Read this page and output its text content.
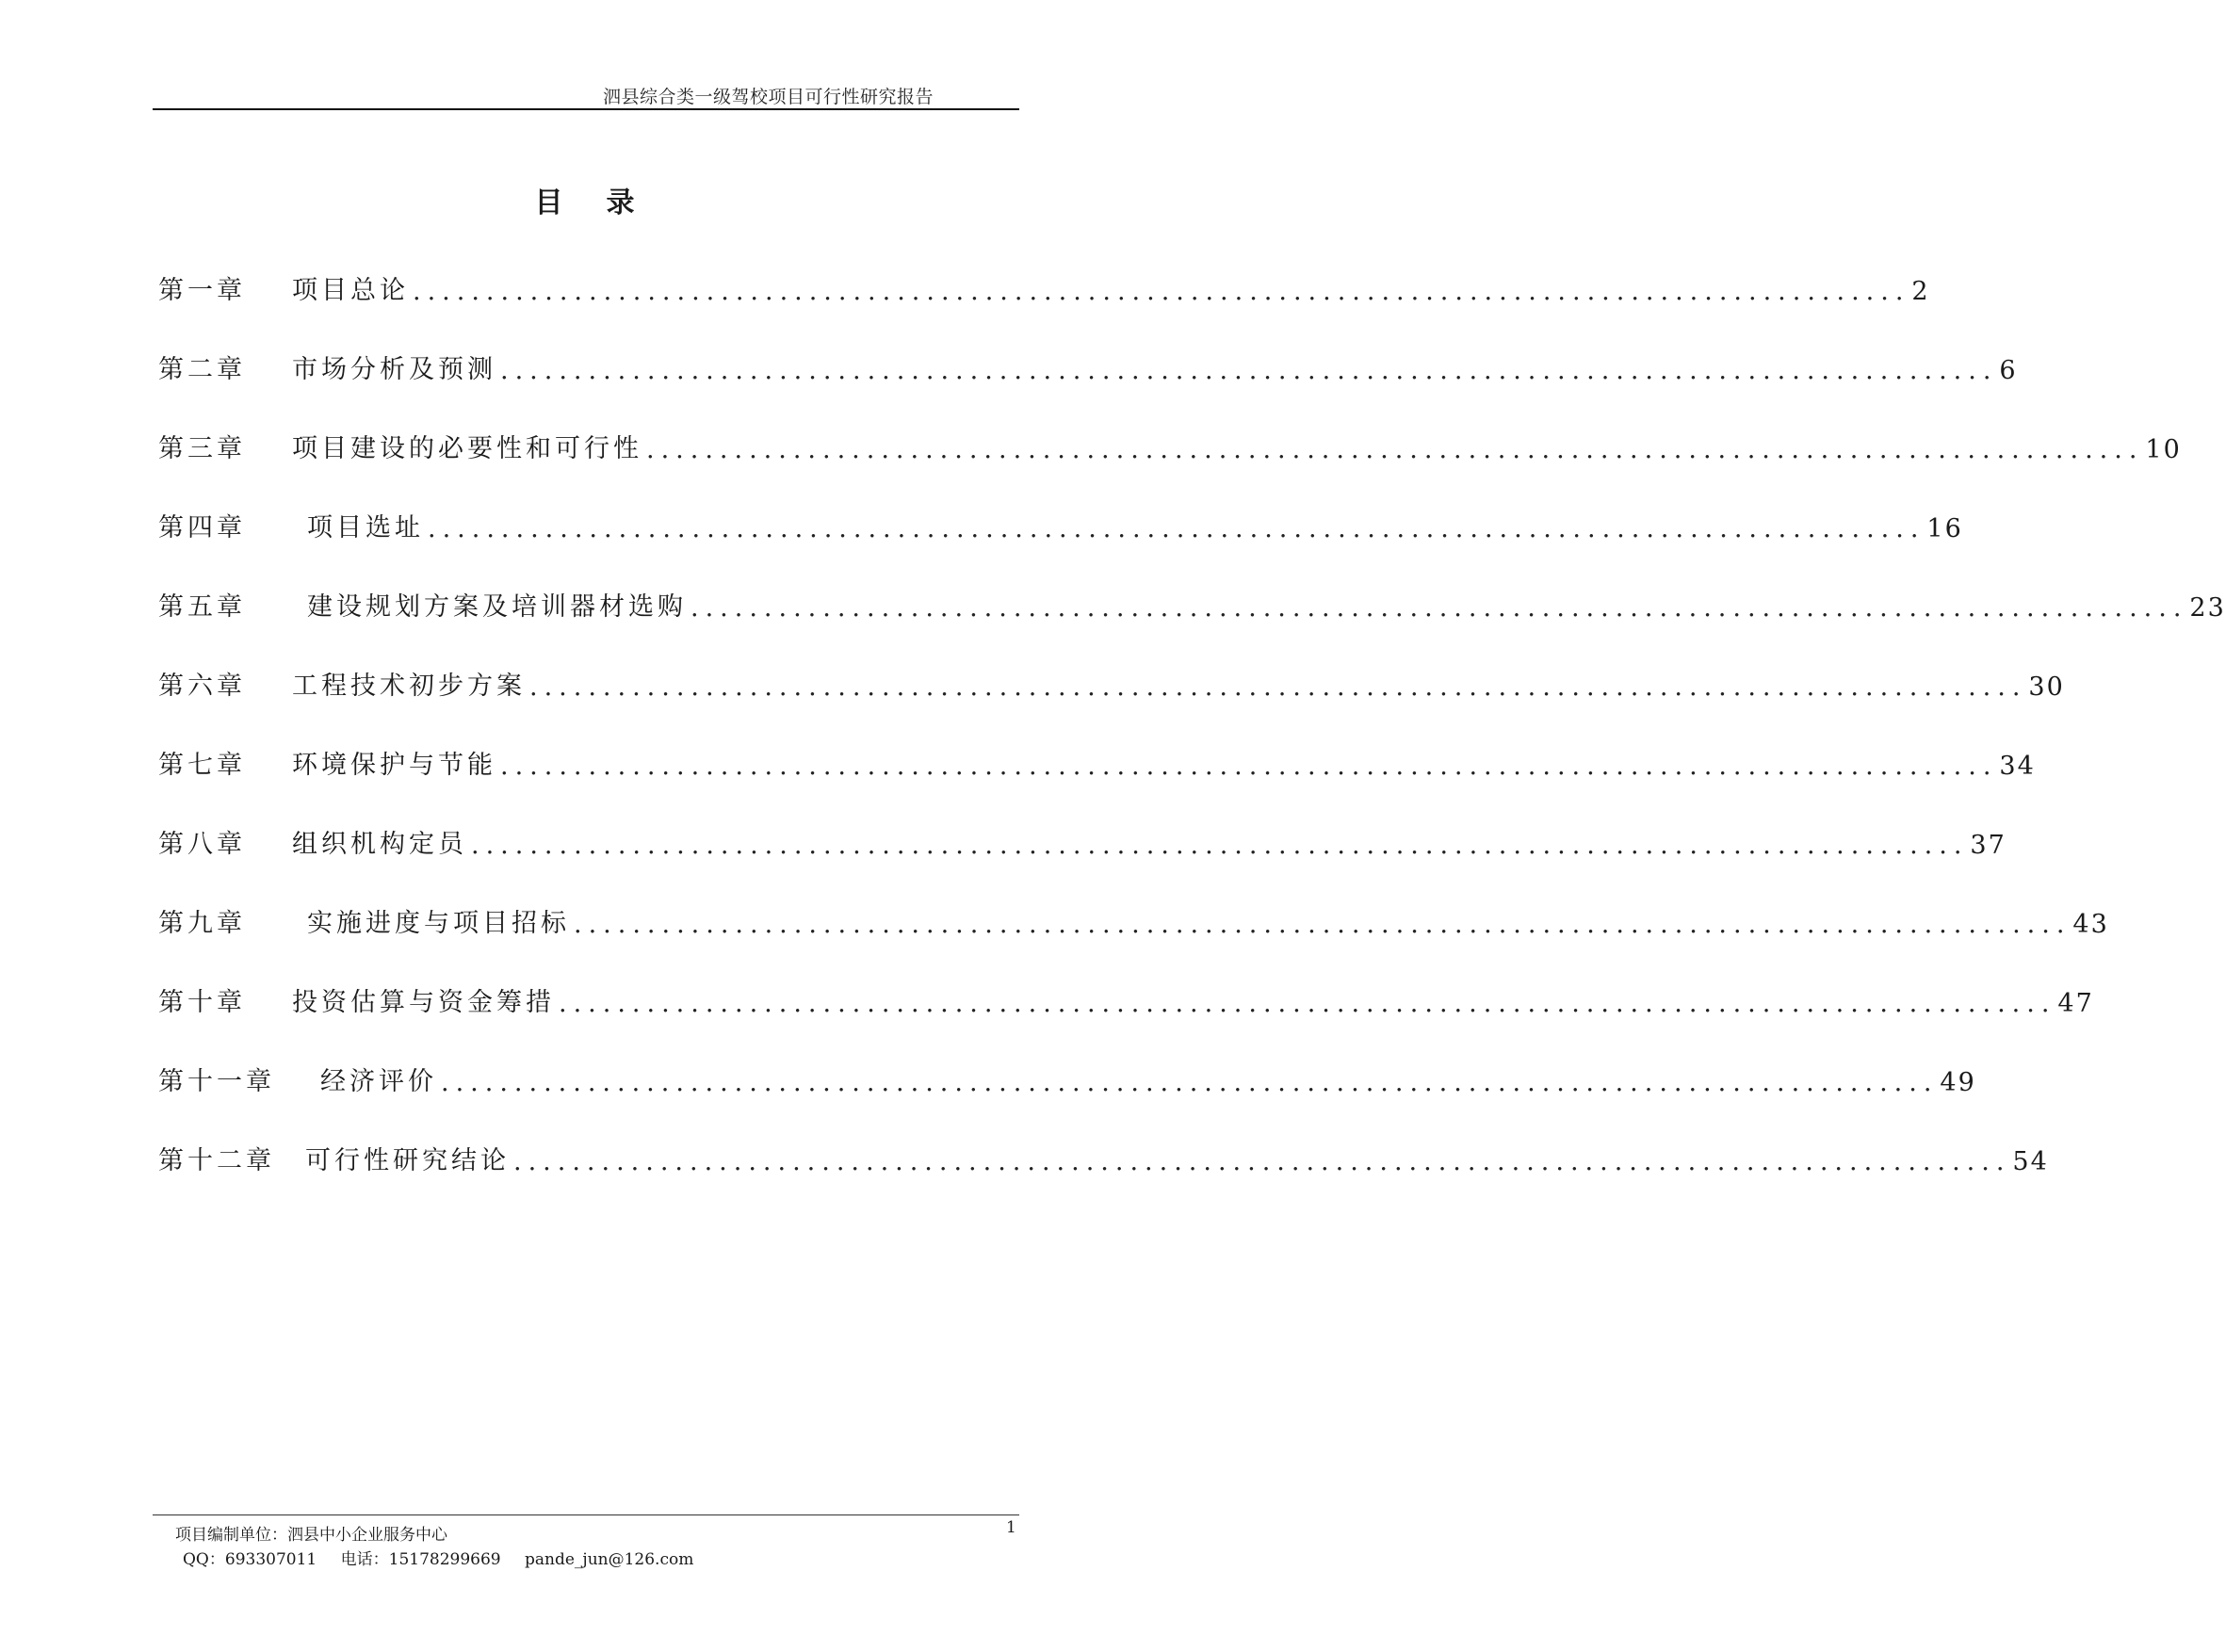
泗县综合类一级驾校项目可行性研究报告
目录
第一章	项目总论 ...................................................................................................... 2
第二章	市场分析及预测 ...................................................................................................... 6
第三章	项目建设的必要性和可行性 ...................................................................................................... 10
第四章	项目选址 ...................................................................................................... 16
第五章	建设规划方案及培训器材选购 ...................................................................................................... 23
第六章	工程技术初步方案 ...................................................................................................... 30
第七章	环境保护与节能 ...................................................................................................... 34
第八章	组织机构定员 ...................................................................................................... 37
第九章	实施进度与项目招标 ...................................................................................................... 43
第十章	投资估算与资金筹措 ...................................................................................................... 47
第十一章	经济评价 ...................................................................................................... 49
第十二章	可行性研究结论 ...................................................................................................... 54
项目编制单位：泗县中小企业服务中心
QQ：693307011 电话：15178299669 pande_jun@126.com
1
